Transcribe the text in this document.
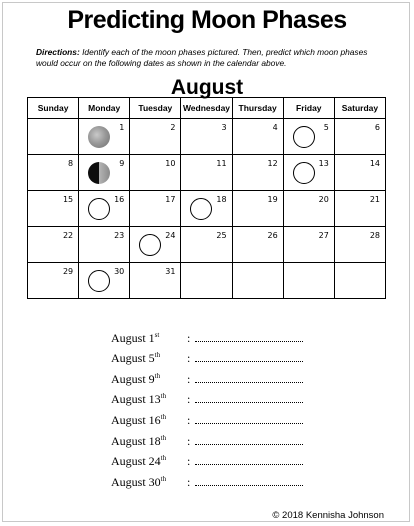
Predicting Moon Phases
Directions: Identify each of the moon phases pictured. Then, predict which moon phases would occur on the following dates as shown in the calendar above.
August
Sunday	Monday	Tuesday	Wednesday	Thursday	Friday	Saturday

	1	2	3	4	5	6

8	9	10	11	12	13	14

15	16	17	18	19	20	21

22	23	24	25	26	27	28

29	30	31				

August 1st	:
August 5th	:
August 9th	:
August 13th	:
August 16th	:
August 18th	:
August 24th	:
August 30th	:
© 2018 Kennisha Johnson
